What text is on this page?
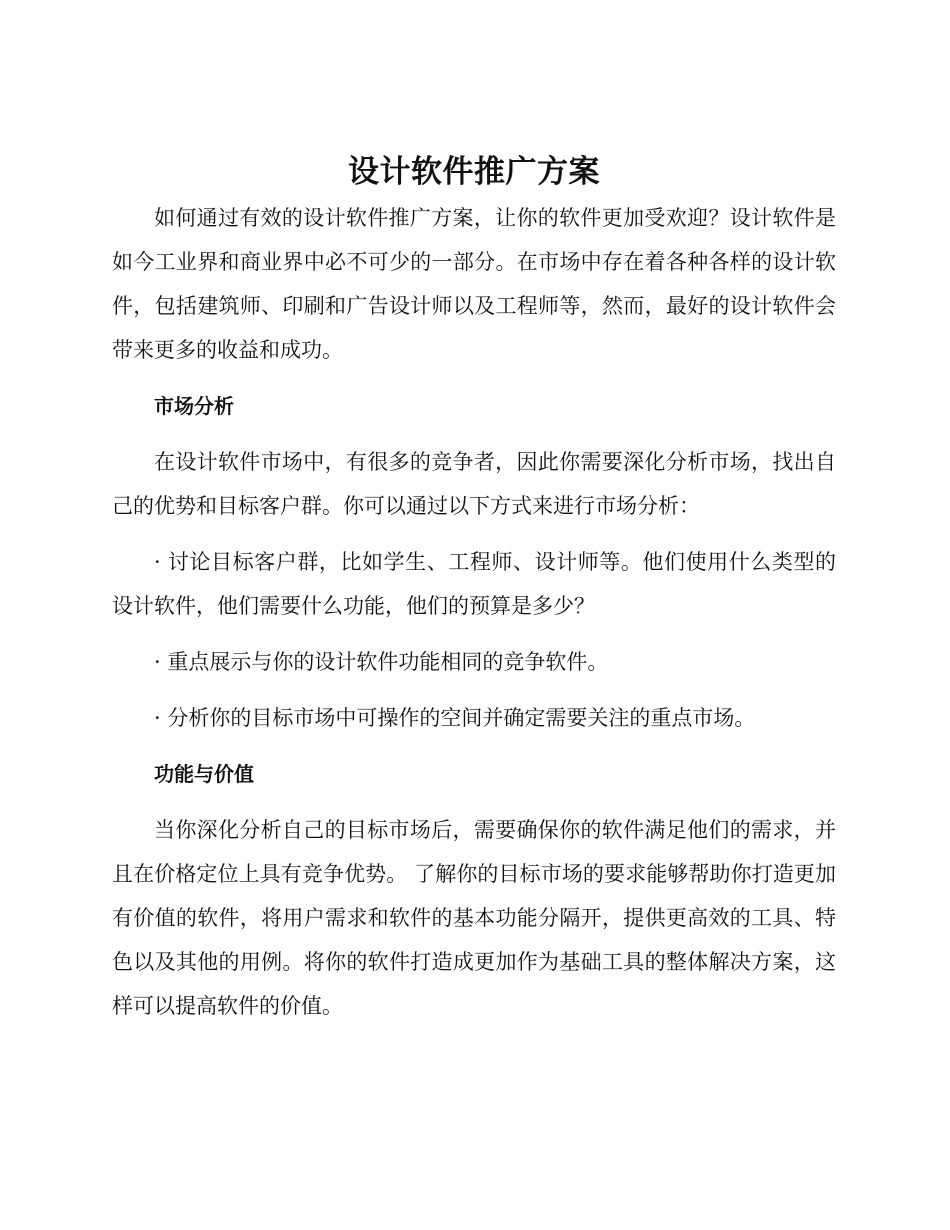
设计软件推广方案

如何通过有效的设计软件推广方案，让你的软件更加受欢迎？设计软件是如今工业界和商业界中必不可少的一部分。在市场中存在着各种各样的设计软件，包括建筑师、印刷和广告设计师以及工程师等，然而，最好的设计软件会带来更多的收益和成功。

市场分析

在设计软件市场中，有很多的竞争者，因此你需要深化分析市场，找出自己的优势和目标客户群。你可以通过以下方式来进行市场分析：

· 讨论目标客户群，比如学生、工程师、设计师等。他们使用什么类型的设计软件，他们需要什么功能，他们的预算是多少？

· 重点展示与你的设计软件功能相同的竞争软件。

· 分析你的目标市场中可操作的空间并确定需要关注的重点市场。

功能与价值

当你深化分析自己的目标市场后，需要确保你的软件满足他们的需求，并且在价格定位上具有竞争优势。 了解你的目标市场的要求能够帮助你打造更加有价值的软件，将用户需求和软件的基本功能分隔开，提供更高效的工具、特色以及其他的用例。将你的软件打造成更加作为基础工具的整体解决方案，这样可以提高软件的价值。
